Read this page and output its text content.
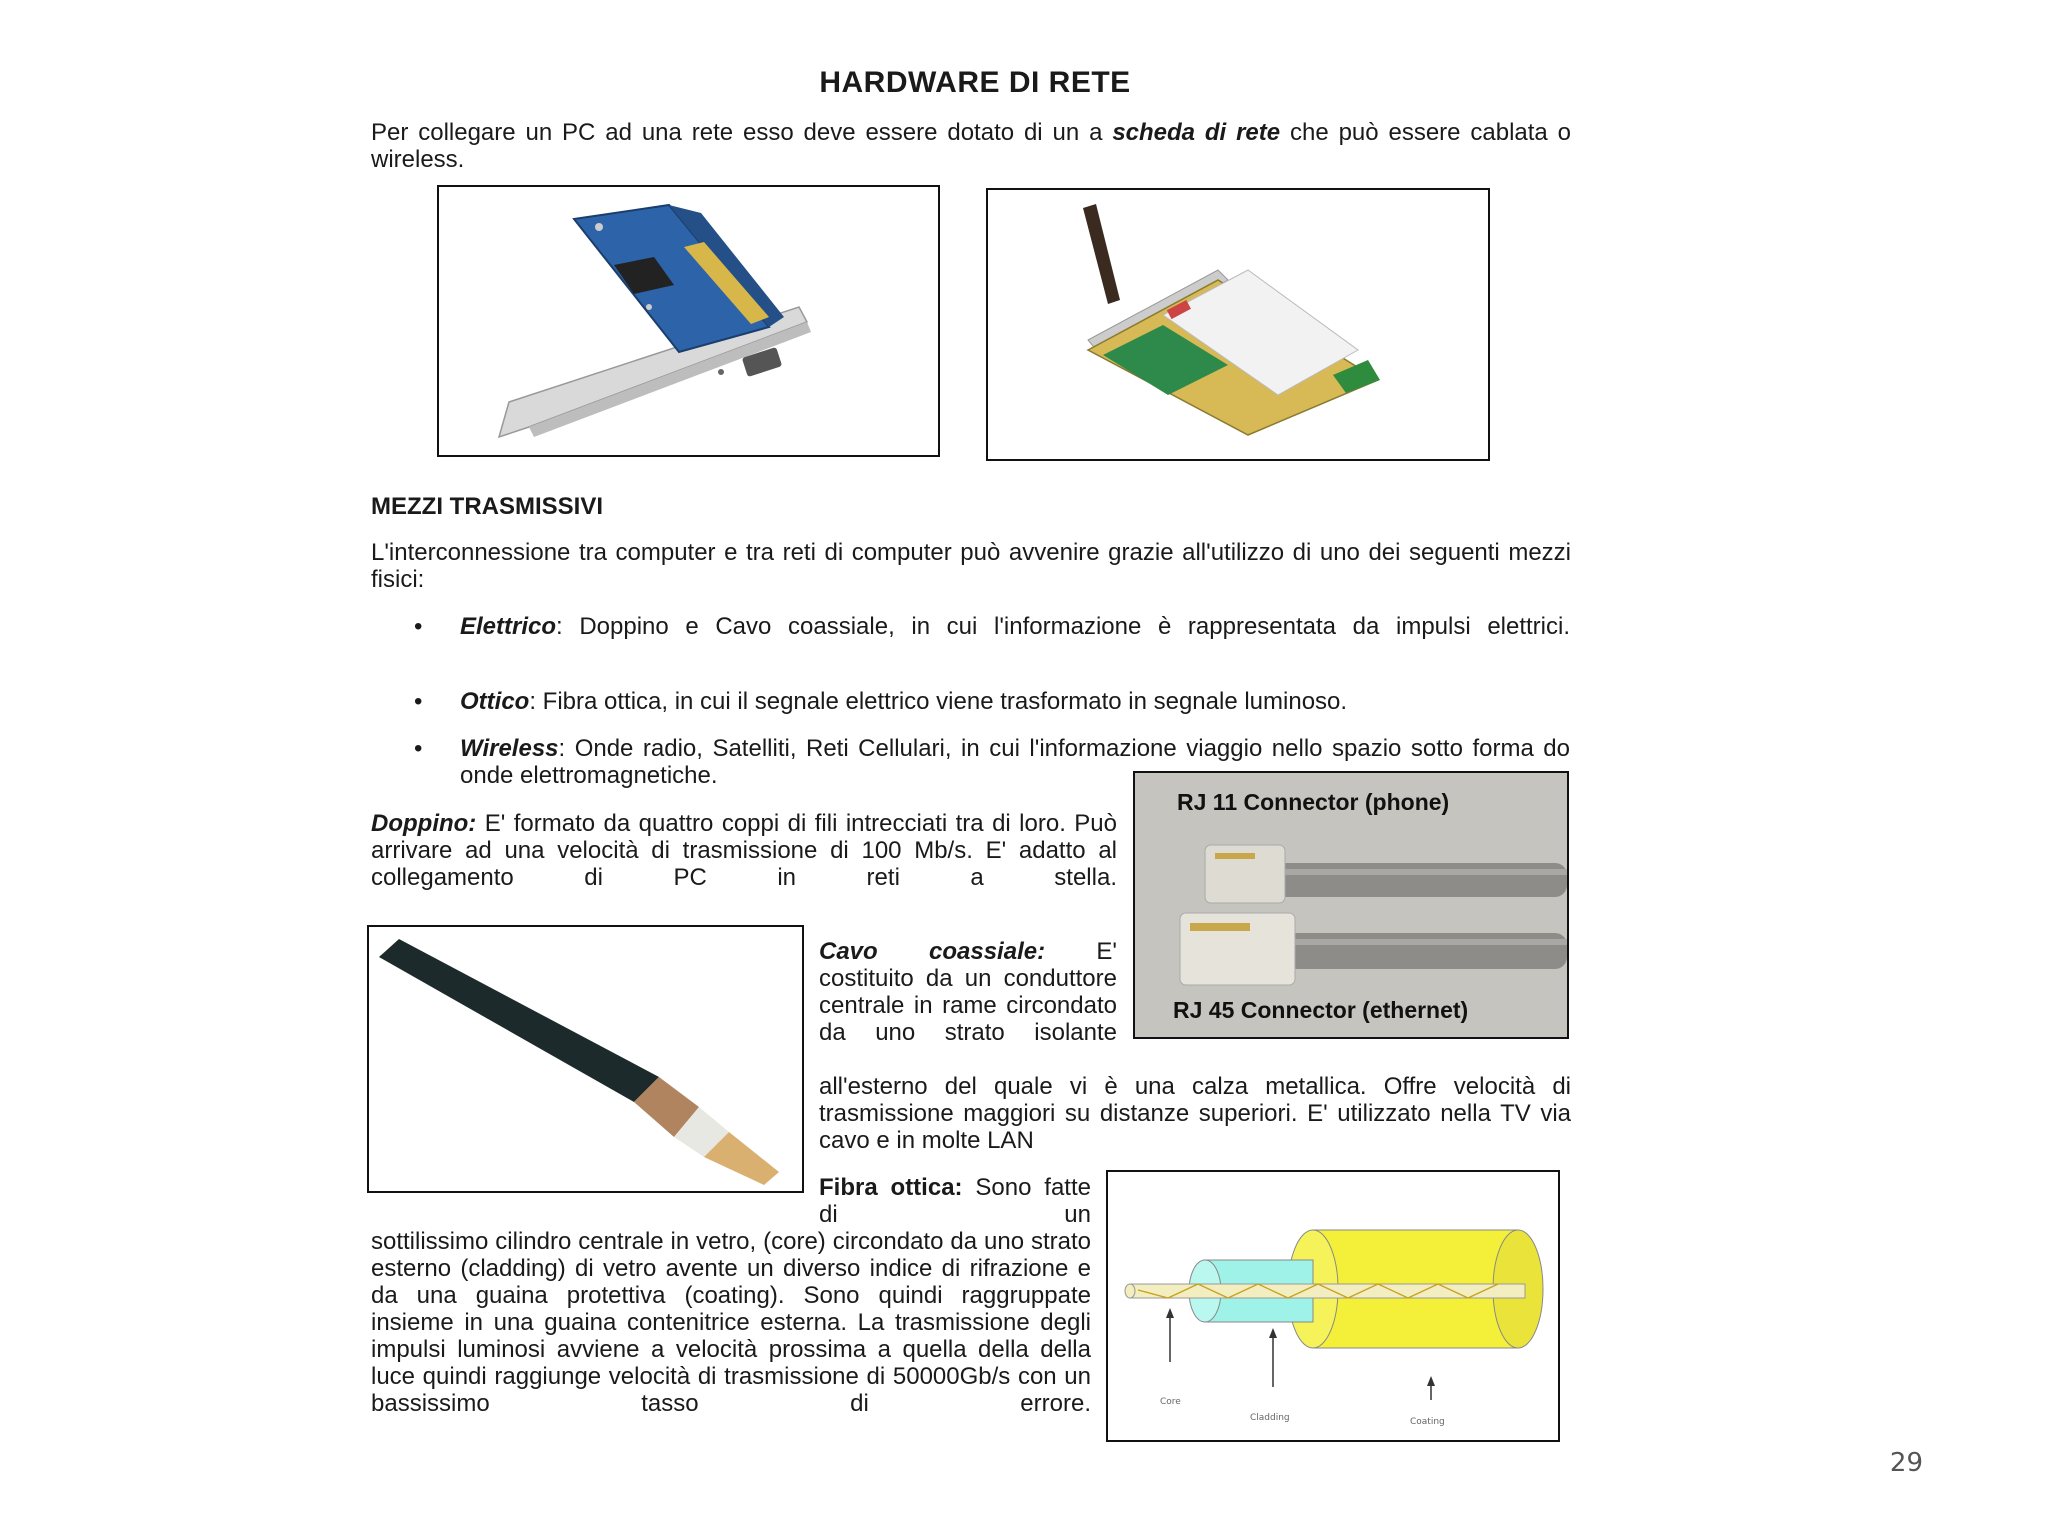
HARDWARE DI RETE
Per collegare un PC ad una rete esso deve essere dotato di un a scheda di rete che può essere cablata o wireless.
MEZZI TRASMISSIVI
L'interconnessione tra computer e tra reti di computer può avvenire grazie all'utilizzo di uno dei seguenti mezzi fisici:
• Elettrico: Doppino e Cavo coassiale, in cui l'informazione è rappresentata da impulsi elettrici.
• Ottico: Fibra ottica, in cui il segnale elettrico viene trasformato in segnale luminoso.
• Wireless: Onde radio, Satelliti, Reti Cellulari, in cui l'informazione viaggio nello spazio sotto forma do onde elettromagnetiche.
RJ 11 Connector (phone)
RJ 45 Connector (ethernet)
Doppino: E' formato da quattro coppi di fili intrecciati tra di loro. Può arrivare ad una velocità di trasmissione di 100 Mb/s. E' adatto al collegamento di PC in reti a stella.
Cavo coassiale: E' costituito da un conduttore centrale in rame circondato da uno strato isolante
all'esterno del quale vi è una calza metallica. Offre velocità di trasmissione maggiori su distanze superiori. E' utilizzato nella TV via cavo e in molte LAN
Fibra ottica: Sono fatte di un
sottilissimo cilindro centrale in vetro, (core) circondato da uno strato esterno (cladding) di vetro avente un diverso indice di rifrazione e da una guaina protettiva (coating). Sono quindi raggruppate insieme in una guaina contenitrice esterna. La trasmissione degli impulsi luminosi avviene a velocità prossima a quella della della luce quindi raggiunge velocità di trasmissione di 50000Gb/s con un bassissimo tasso di errore.	Core
Cladding	Coating
29
